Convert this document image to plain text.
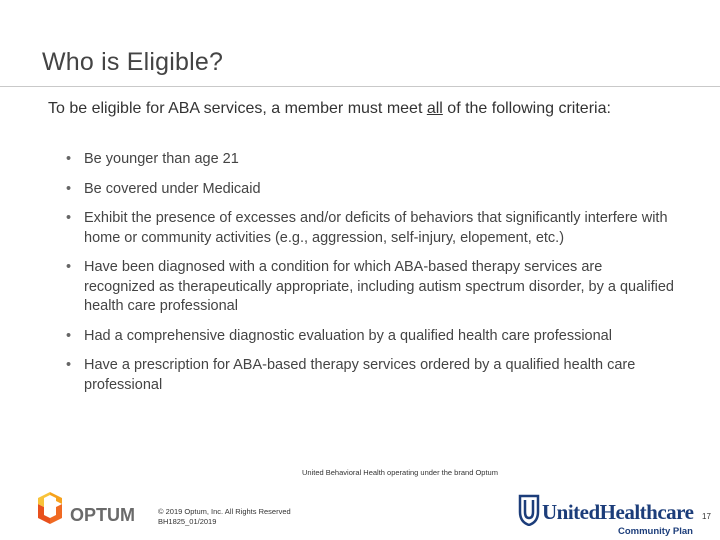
Who is Eligible?
To be eligible for ABA services, a member must meet all of the following criteria:
• Be younger than age 21
• Be covered under Medicaid
• Exhibit the presence of excesses and/or deficits of behaviors that significantly interfere with home or community activities (e.g., aggression, self-injury, elopement, etc.)
• Have been diagnosed with a condition for which ABA-based therapy services are recognized as therapeutically appropriate, including autism spectrum disorder, by a qualified health care professional
• Had a comprehensive diagnostic evaluation by a qualified health care professional
• Have a prescription for ABA-based therapy services ordered by a qualified health care professional
United Behavioral Health operating under the brand Optum
OPTUM	© 2019 Optum, Inc. All Rights Reserved
BH1825_01/2019	UnitedHealthcare
Community Plan
17
